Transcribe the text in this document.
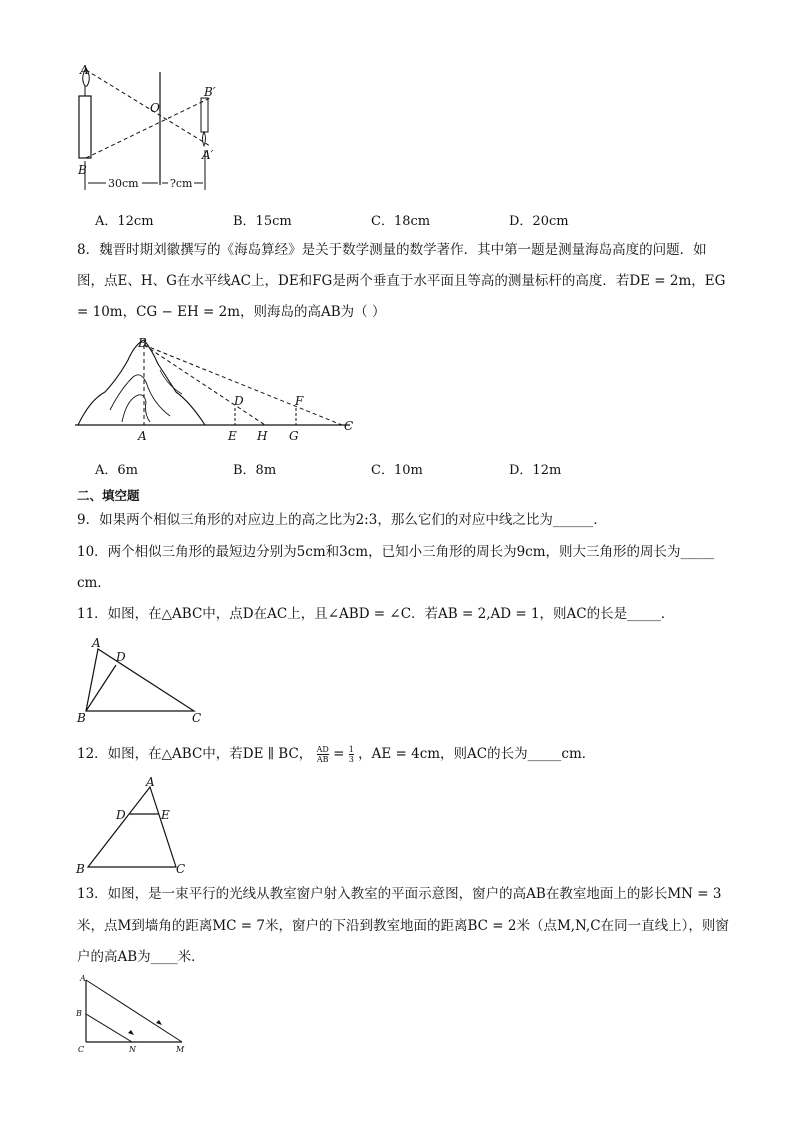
A
B
O
B′
A′
30cm	?cm
A．12cm	B．15cm	C．18cm	D．20cm
8．魏晋时期刘徽撰写的《海岛算经》是关于数学测量的数学著作．其中第一题是测量海岛高度的问题．如
图，点E、H、G在水平线AC上，DE和FG是两个垂直于水平面且等高的测量标杆的高度．若DE = 2m，EG
= 10m，CG − EH = 2m，则海岛的高AB为（ ）
B
D	F
A	E H G
C
A．6m	B．8m	C．10m	D．12m
二、填空题
9．如果两个相似三角形的对应边上的高之比为2:3，那么它们的对应中线之比为______．
10．两个相似三角形的最短边分别为5cm和3cm，已知小三角形的周长为9cm，则大三角形的周长为_____
cm．
11．如图，在△ABC中，点D在AC上，且∠ABD = ∠C．若AB = 2,AD = 1，则AC的长是_____．
A
D
B	C
12．如图，在△ABC中，若DE ∥ BC， $\frac{AD}{AB} = \frac{1}{3}$ ，AE = 4cm，则AC的长为_____cm．
A
D	E
B	C
13．如图，是一束平行的光线从教室窗户射入教室的平面示意图，窗户的高AB在教室地面上的影长MN = 3
米，点M到墙角的距离MC = 7米，窗户的下沿到教室地面的距离BC = 2米（点M,N,C在同一直线上），则窗
户的高AB为____米．
A
B
C	N	M
